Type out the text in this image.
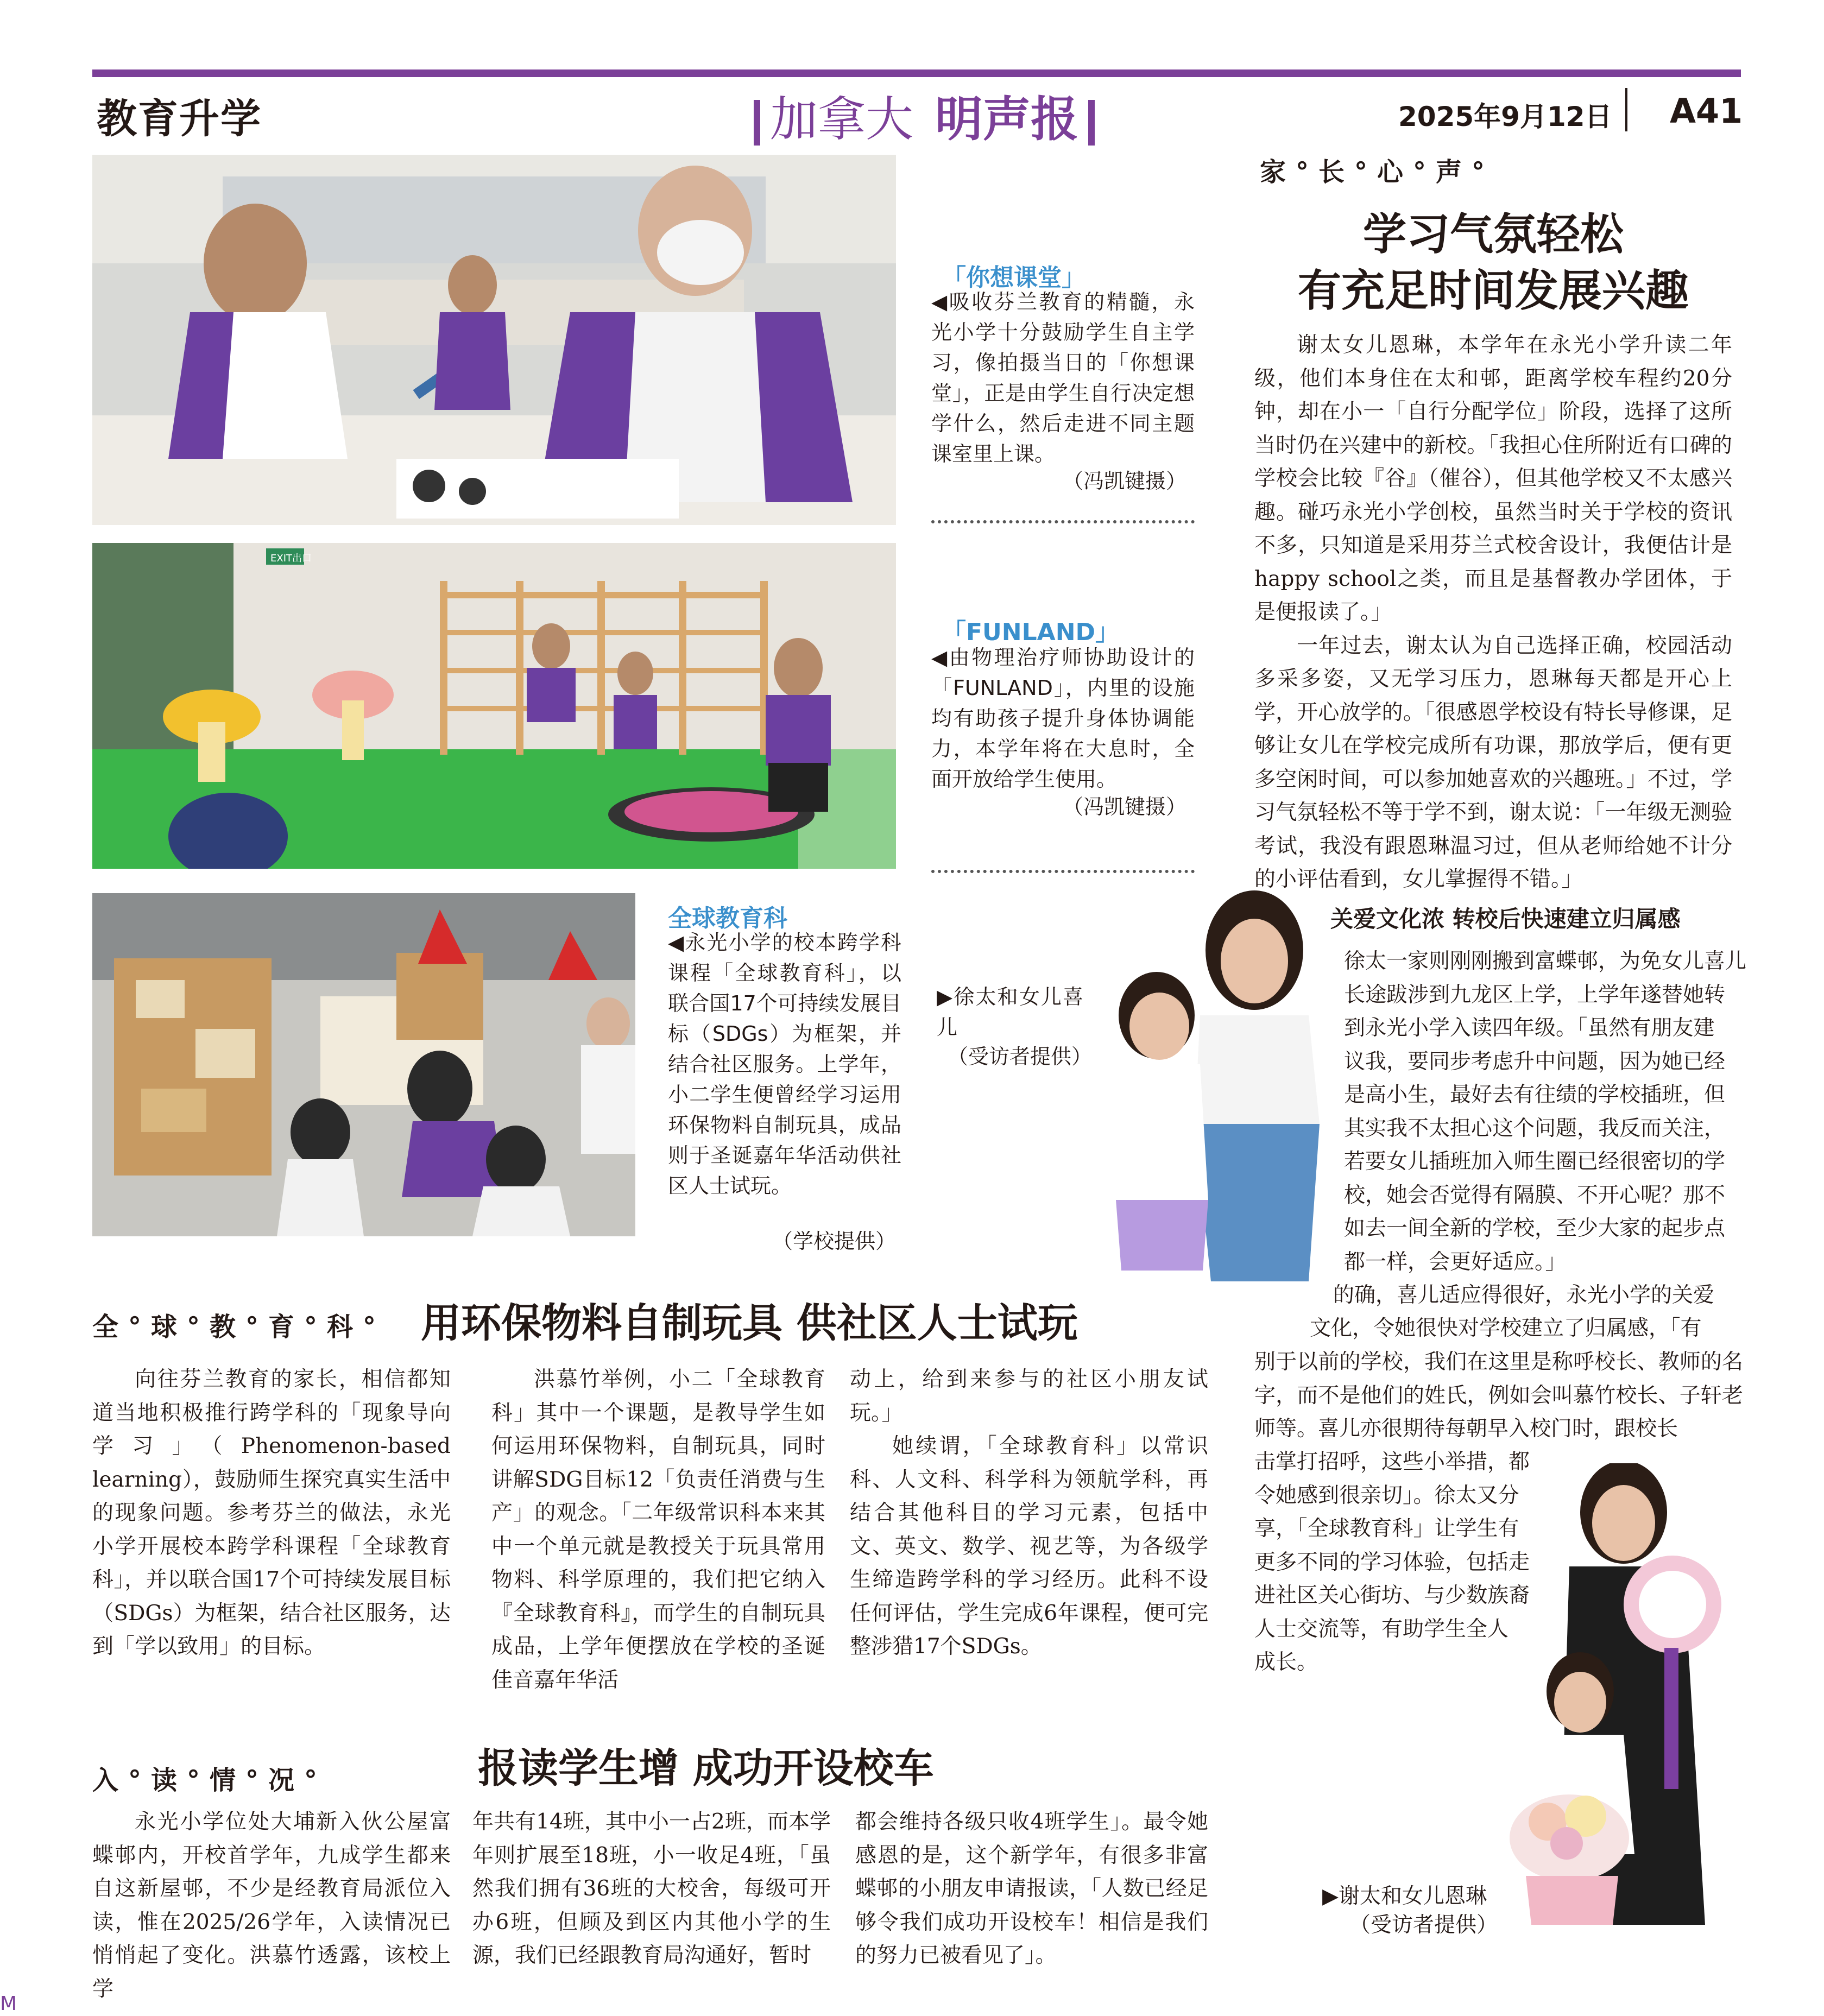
教育升学	加拿大 明声报	2025年9月12日 A41
「你想课堂」
◀吸收芬兰教育的精髓，永光小学十分鼓励学生自主学习，像拍摄当日的「你想课堂」，正是由学生自行决定想学什么，然后走进不同主题课室里上课。
（冯凯键摄）
EXIT出口
「FUNLAND」
◀由物理治疗师协助设计的「FUNLAND」，内里的设施均有助孩子提升身体协调能力，本学年将在大息时，全面开放给学生使用。
（冯凯键摄）
全球教育科
◀永光小学的校本跨学科课程「全球教育科」，以联合国17个可持续发展目标（SDGs）为框架，并结合社区服务。上学年，小二学生便曾经学习运用环保物料自制玩具，成品则于圣诞嘉年华活动供社区人士试玩。
（学校提供）
▶徐太和女儿喜儿
（受访者提供）
家°长°心°声°
学习气氛轻松
有充足时间发展兴趣

谢太女儿恩琳，本学年在永光小学升读二年级，他们本身住在太和邨，距离学校车程约20分钟，却在小一「自行分配学位」阶段，选择了这所当时仍在兴建中的新校。「我担心住所附近有口碑的学校会比较『谷』（催谷），但其他学校又不太感兴趣。碰巧永光小学创校，虽然当时关于学校的资讯不多，只知道是采用芬兰式校舍设计，我便估计是happy school之类，而且是基督教办学团体，于是便报读了。」

一年过去，谢太认为自己选择正确，校园活动多采多姿，又无学习压力，恩琳每天都是开心上学，开心放学的。「很感恩学校设有特长导修课，足够让女儿在学校完成所有功课，那放学后，便有更多空闲时间，可以参加她喜欢的兴趣班。」不过，学习气氛轻松不等于学不到，谢太说：「一年级无测验考试，我没有跟恩琳温习过，但从老师给她不计分的小评估看到，女儿掌握得不错。」

关爱文化浓 转校后快速建立归属感
徐太一家则刚刚搬到富蝶邨，为免女儿喜儿
长途跋涉到九龙区上学，上学年遂替她转
到永光小学入读四年级。「虽然有朋友建
议我，要同步考虑升中问题，因为她已经
是高小生，最好去有往绩的学校插班，但
其实我不太担心这个问题，我反而关注，
若要女儿插班加入师生圈已经很密切的学
校，她会否觉得有隔膜、不开心呢？那不
如去一间全新的学校，至少大家的起步点
都一样，会更好适应。」
的确，喜儿适应得很好，永光小学的关爱
文化，令她很快对学校建立了归属感，「有
别于以前的学校，我们在这里是称呼校长、教师的名字，而不是他们的姓氏，例如会叫慕竹校长、子轩老师等。喜儿亦很期待每朝早入校门时，跟校长
击掌打招呼，这些小举措，都
令她感到很亲切」。徐太又分
享，「全球教育科」让学生有
更多不同的学习体验，包括走
进社区关心街坊、与少数族裔
人士交流等，有助学生全人
成长。
▶谢太和女儿恩琳
（受访者提供）
全°球°教°育°科° 用环保物料自制玩具 供社区人士试玩

向往芬兰教育的家长，相信都知道当地积极推行跨学科的「现象导向学习」（Phenomenon-based learning），鼓励师生探究真实生活中的现象问题。参考芬兰的做法，永光小学开展校本跨学科课程「全球教育科」，并以联合国17个可持续发展目标（SDGs）为框架，结合社区服务，达到「学以致用」的目标。

洪慕竹举例，小二「全球教育科」其中一个课题，是教导学生如何运用环保物料，自制玩具，同时讲解SDG目标12「负责任消费与生产」的观念。「二年级常识科本来其中一个单元就是教授关于玩具常用物料、科学原理的，我们把它纳入『全球教育科』，而学生的自制玩具成品，上学年便摆放在学校的圣诞佳音嘉年华活

动上，给到来参与的社区小朋友试玩。」

她续谓，「全球教育科」以常识科、人文科、科学科为领航学科，再结合其他科目的学习元素，包括中文、英文、数学、视艺等，为各级学生缔造跨学科的学习经历。此科不设任何评估，学生完成6年课程，便可完整涉猎17个SDGs。

入°读°情°况°	报读学生增 成功开设校车

永光小学位处大埔新入伙公屋富蝶邨内，开校首学年，九成学生都来自这新屋邨，不少是经教育局派位入读，惟在2025/26学年，入读情况已悄悄起了变化。洪慕竹透露，该校上学

年共有14班，其中小一占2班，而本学年则扩展至18班，小一收足4班，「虽然我们拥有36班的大校舍，每级可开办6班，但顾及到区内其他小学的生源，我们已经跟教育局沟通好，暂时
都会维持各级只收4班学生」。最令她感恩的是，这个新学年，有很多非富蝶邨的小朋友申请报读，「人数已经足够令我们成功开设校车！相信是我们的努力已被看见了」。
M
